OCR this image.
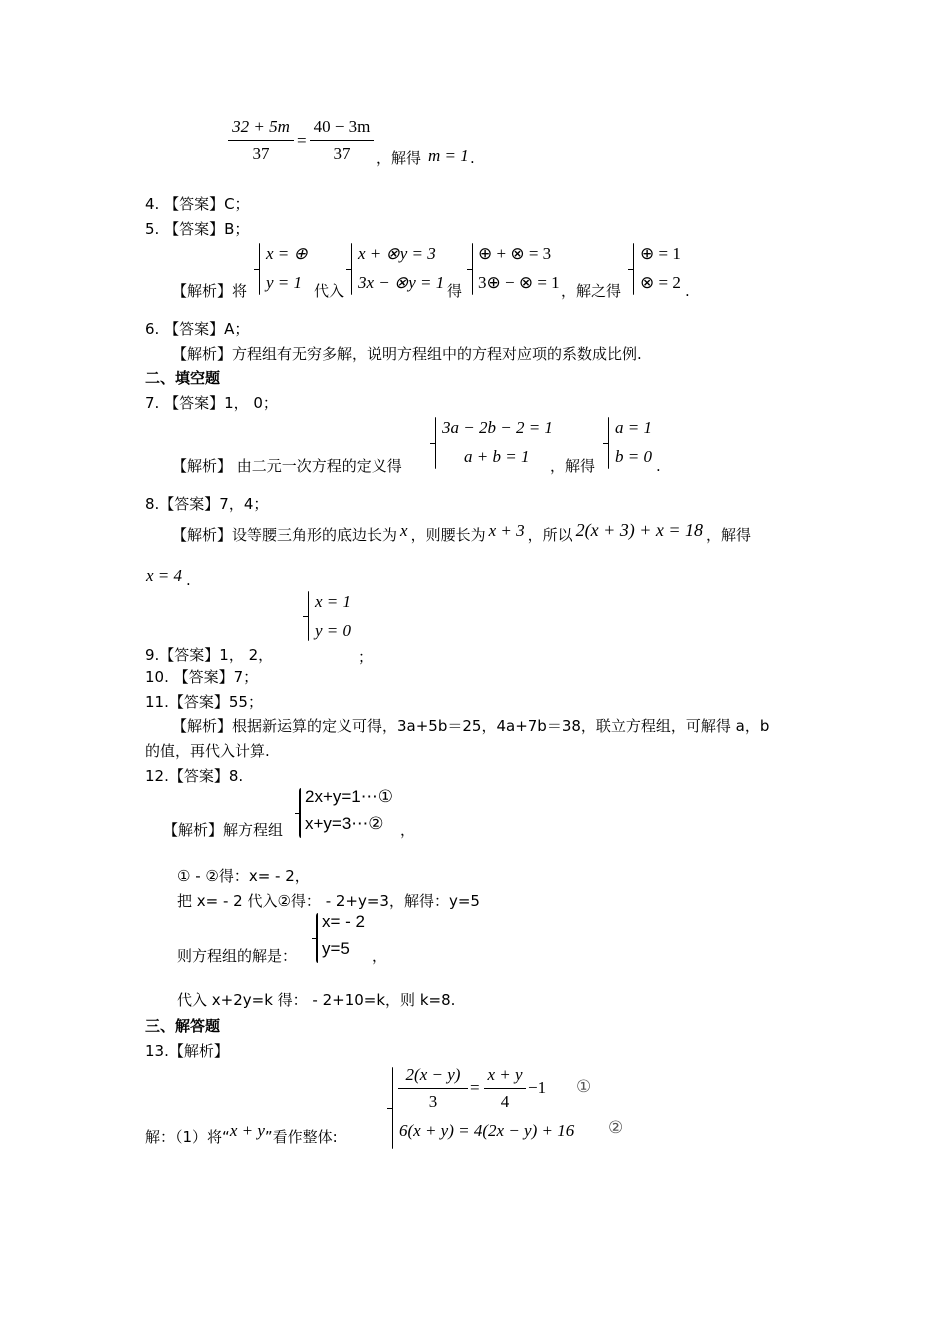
32 + 5m
37
=
40 − 3m
37	，解得 m = 1 .
4. 【答案】C；
5. 【答案】B；
【解析】将
x = ⊕
y = 1 代入
x + ⊗y = 3
3x − ⊗y = 1 得
⊕ + ⊗ = 3
3⊕ − ⊗ = 1 ，解之得
⊕ = 1
⊗ = 2 .
6. 【答案】A；
【解析】方程组有无穷多解，说明方程组中的方程对应项的系数成比例.
二、填空题
7. 【答案】1， 0；
【解析】 由二元一次方程的定义得
3a − 2b − 2 = 1
a + b = 1	，解得
a = 1
b = 0 .
8.【答案】7，4；
【解析】设等腰三角形的底边长为 x ，则腰长为 x + 3 ，所以 2(x + 3) + x = 18 ，解得
x = 4 .
x = 1
y = 0
9.【答案】1， 2，	；
10. 【答案】7；
11.【答案】55；
【解析】根据新运算的定义可得，3a+5b＝25，4a+7b＝38，联立方程组，可解得 a，b
的值，再代入计算.
12.【答案】8.
【解析】解方程组
2x+y=1⋯①
x+y=3⋯②	，
① ‑ ②得：x= ‑ 2，
把 x= ‑ 2 代入②得： ‑ 2+y=3，解得：y=5
则方程组的解是：
x= ‑ 2
y=5	，
代入 x+2y=k 得： ‑ 2+10=k，则 k=8.
三、解答题
13.【解析】
解：（1）将“x + y”看作整体:
2(x − y)
3
=
x + y
4
−1 ①
6(x + y) = 4(2x − y) + 16 ②
